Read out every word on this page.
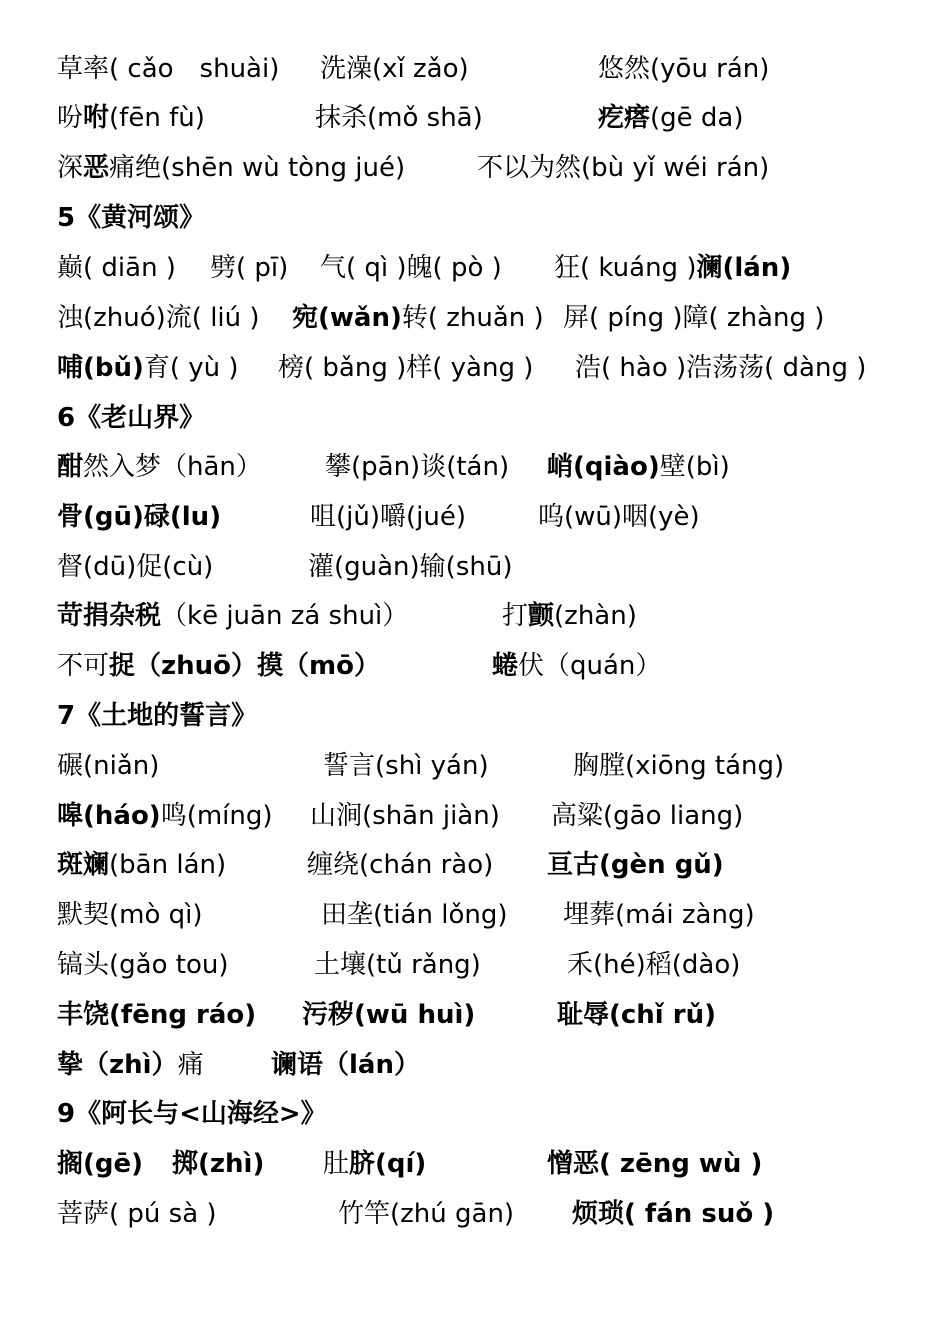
草率( cǎo　shuài) 洗澡(xǐ zǎo)	悠然(yōu rán)
吩咐(fēn fù)	抹杀(mǒ shā)	疙瘩(gē da)
深恶痛绝(shēn wù tòng jué)	不以为然(bù yǐ wéi rán)
5《黄河颂》
巅( diān ) 劈( pī) 气( qì )魄( pò ) 狂( kuáng )澜(lán)
浊(zhuó)流( liú ) 宛(wǎn)转( zhuǎn ) 屏( píng )障( zhàng )
哺(bǔ)育( yù ) 榜( bǎng )样( yàng ) 浩( hào )浩荡荡( dàng )
6《老山界》
酣然入梦（hān） 攀(pān)谈(tán) 峭(qiào)壁(bì)
骨(gū)碌(lu)	咀(jǔ)嚼(jué)	呜(wū)咽(yè)
督(dū)促(cù)	灌(guàn)输(shū)
苛捐杂税（kē juān zá shuì）	打颤(zhàn)
不可捉（zhuō）摸（mō）	蜷伏（quán）
7《土地的誓言》
碾(niǎn)	誓言(shì yán)	胸膛(xiōng táng)
嗥(háo)鸣(míng) 山涧(shān jiàn) 高粱(gāo liang)
斑斓(bān lán)	缠绕(chán rào) 亘古(gèn gǔ)
默契(mò qì)	田垄(tián lǒng) 埋葬(mái zàng)
镐头(gǎo tou)	土壤(tǔ rǎng)	禾(hé)稻(dào)
丰饶(fēng ráo) 污秽(wū huì)	耻辱(chǐ rǔ)
挚（zhì）痛	谰语（lán）
9《阿长与<山海经>》
搁(gē) 掷(zhì) 肚脐(qí)	憎恶( zēng wù )
菩萨( pú sà )	竹竿(zhú gān) 烦琐( fán suǒ )
